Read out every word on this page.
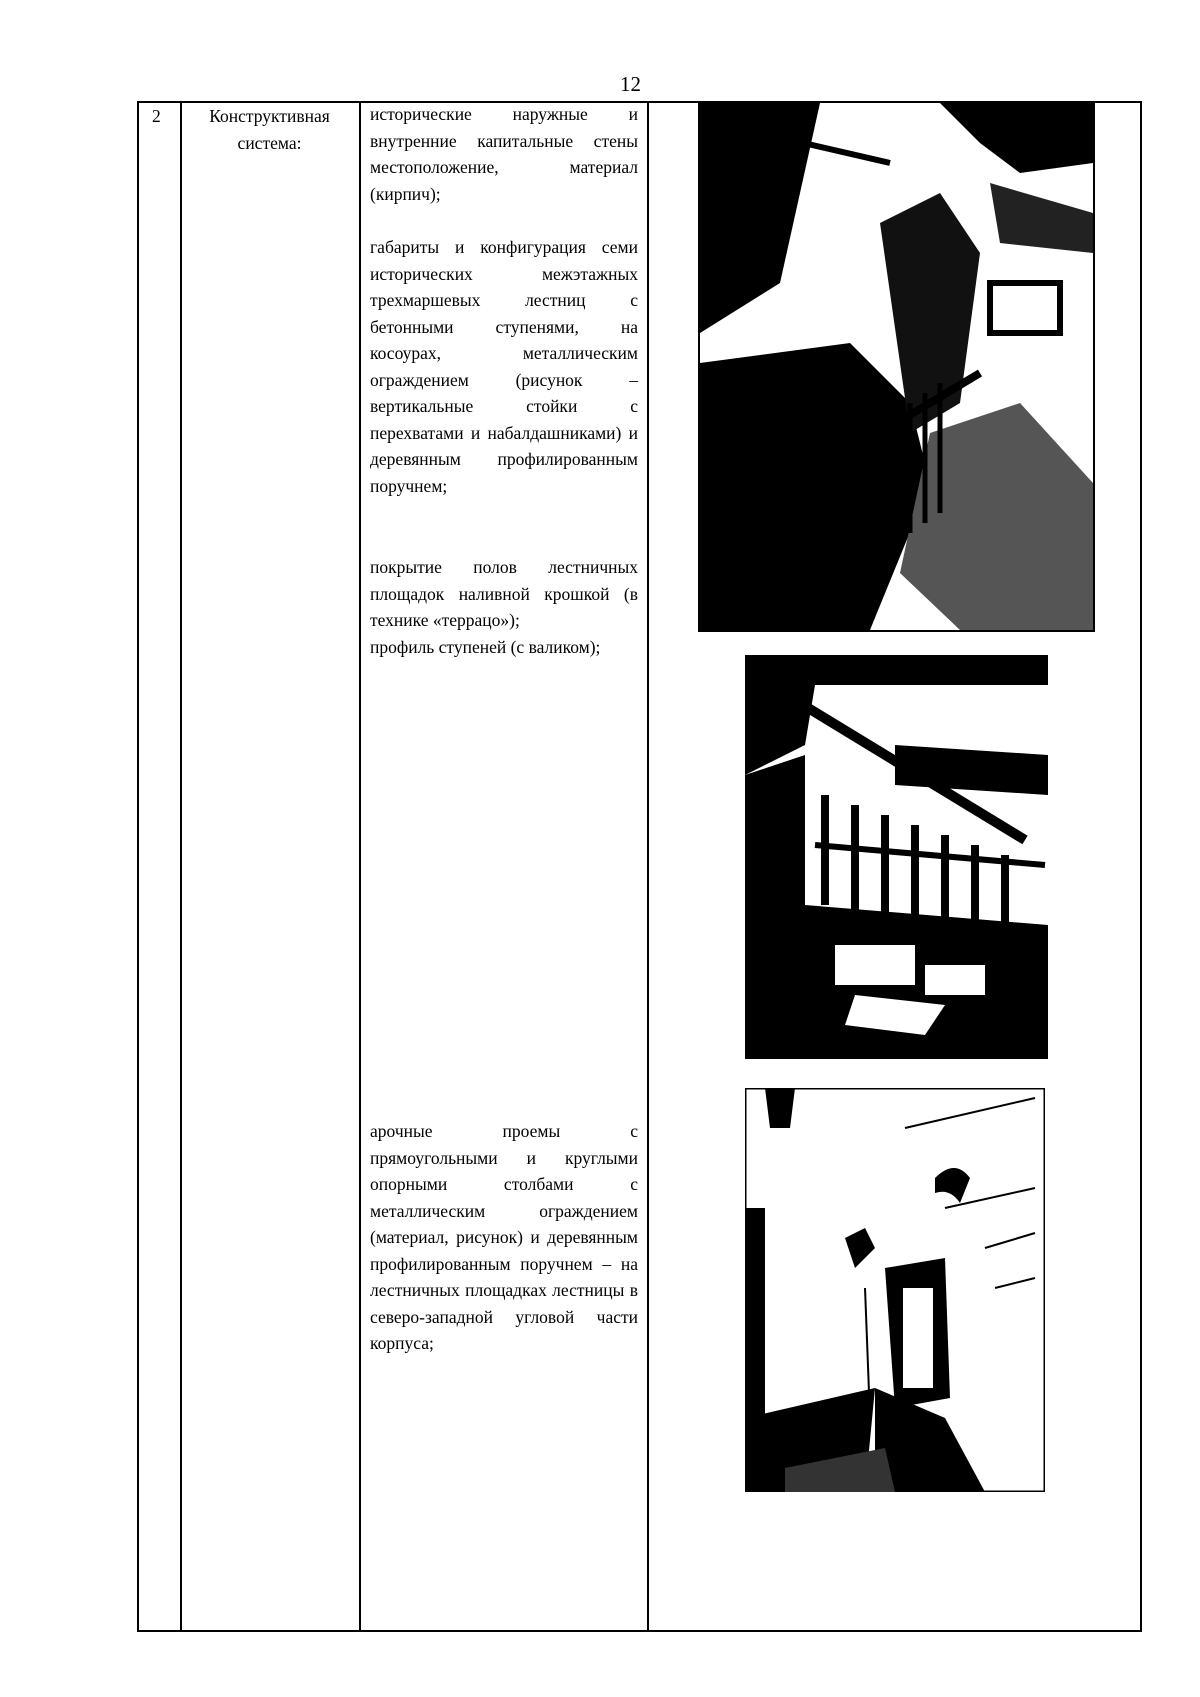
12
2	Конструктивная
система:

исторические наружные и внутренние капитальные стены местоположение, материал (кирпич);

габариты и конфигурация семи исторических межэтажных трехмаршевых лестниц с бетонными ступенями, на косоурах, металлическим ограждением (рисунок – вертикальные стойки с перехватами и набалдашниками) и деревянным профилированным поручнем;

покрытие полов лестничных площадок наливной крошкой (в технике «террацо»);

профиль ступеней (с валиком);

арочные проемы с прямоугольными и круглыми опорными столбами с металлическим ограждением (материал, рисунок) и деревянным профилированным поручнем – на лестничных площадках лестницы в северо-западной угловой части корпуса;
